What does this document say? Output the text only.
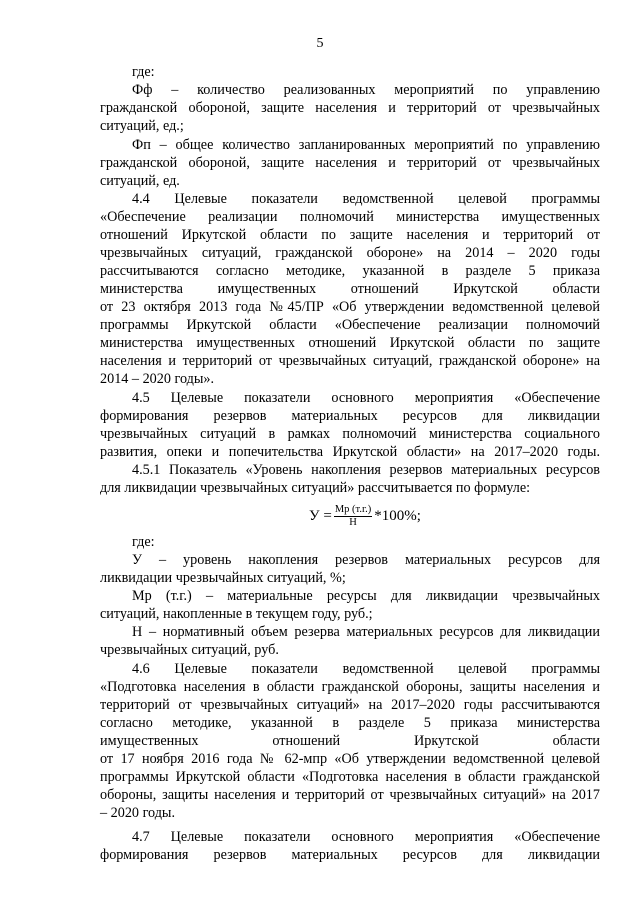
5
где:
Фф – количество реализованных мероприятий по управлению
гражданской обороной, защите населения и территорий от чрезвычайных
ситуаций, ед.;
Фп – общее количество запланированных мероприятий по управлению
гражданской обороной, защите населения и территорий от чрезвычайных
ситуаций, ед.
4.4 Целевые показатели ведомственной целевой программы
«Обеспечение реализации полномочий министерства имущественных
отношений Иркутской области по защите населения и территорий от
чрезвычайных ситуаций, гражданской обороне» на 2014 – 2020 годы
рассчитываются согласно методике, указанной в разделе 5 приказа
министерства имущественных отношений Иркутской области
от 23 октября 2013 года №45/ПР «Об утверждении ведомственной целевой
программы Иркутской области «Обеспечение реализации полномочий
министерства имущественных отношений Иркутской области по защите
населения и территорий от чрезвычайных ситуаций, гражданской обороне» на
2014 – 2020 годы».
4.5 Целевые показатели основного мероприятия «Обеспечение
формирования резервов материальных ресурсов для ликвидации
чрезвычайных ситуаций в рамках полномочий министерства социального
развития, опеки и попечительства Иркутской области» на 2017–2020 годы.
4.5.1 Показатель «Уровень накопления резервов материальных ресурсов
для ликвидации чрезвычайных ситуаций» рассчитывается по формуле:
$У = \frac{Мр (т.г.)}{Н} *100\%$;
где:
У – уровень накопления резервов материальных ресурсов для
ликвидации чрезвычайных ситуаций, %;
Мр (т.г.) – материальные ресурсы для ликвидации чрезвычайных
ситуаций, накопленные в текущем году, руб.;
Н – нормативный объем резерва материальных ресурсов для ликвидации
чрезвычайных ситуаций, руб.
4.6 Целевые показатели ведомственной целевой программы
«Подготовка населения в области гражданской обороны, защиты населения и
территорий от чрезвычайных ситуаций» на 2017–2020 годы рассчитываются
согласно методике, указанной в разделе 5 приказа министерства
имущественных отношений Иркутской области
от 17 ноября 2016 года № 62-мпр «Об утверждении ведомственной целевой
программы Иркутской области «Подготовка населения в области гражданской
обороны, защиты населения и территорий от чрезвычайных ситуаций» на 2017
– 2020 годы.
4.7 Целевые показатели основного мероприятия «Обеспечение
формирования резервов материальных ресурсов для ликвидации
